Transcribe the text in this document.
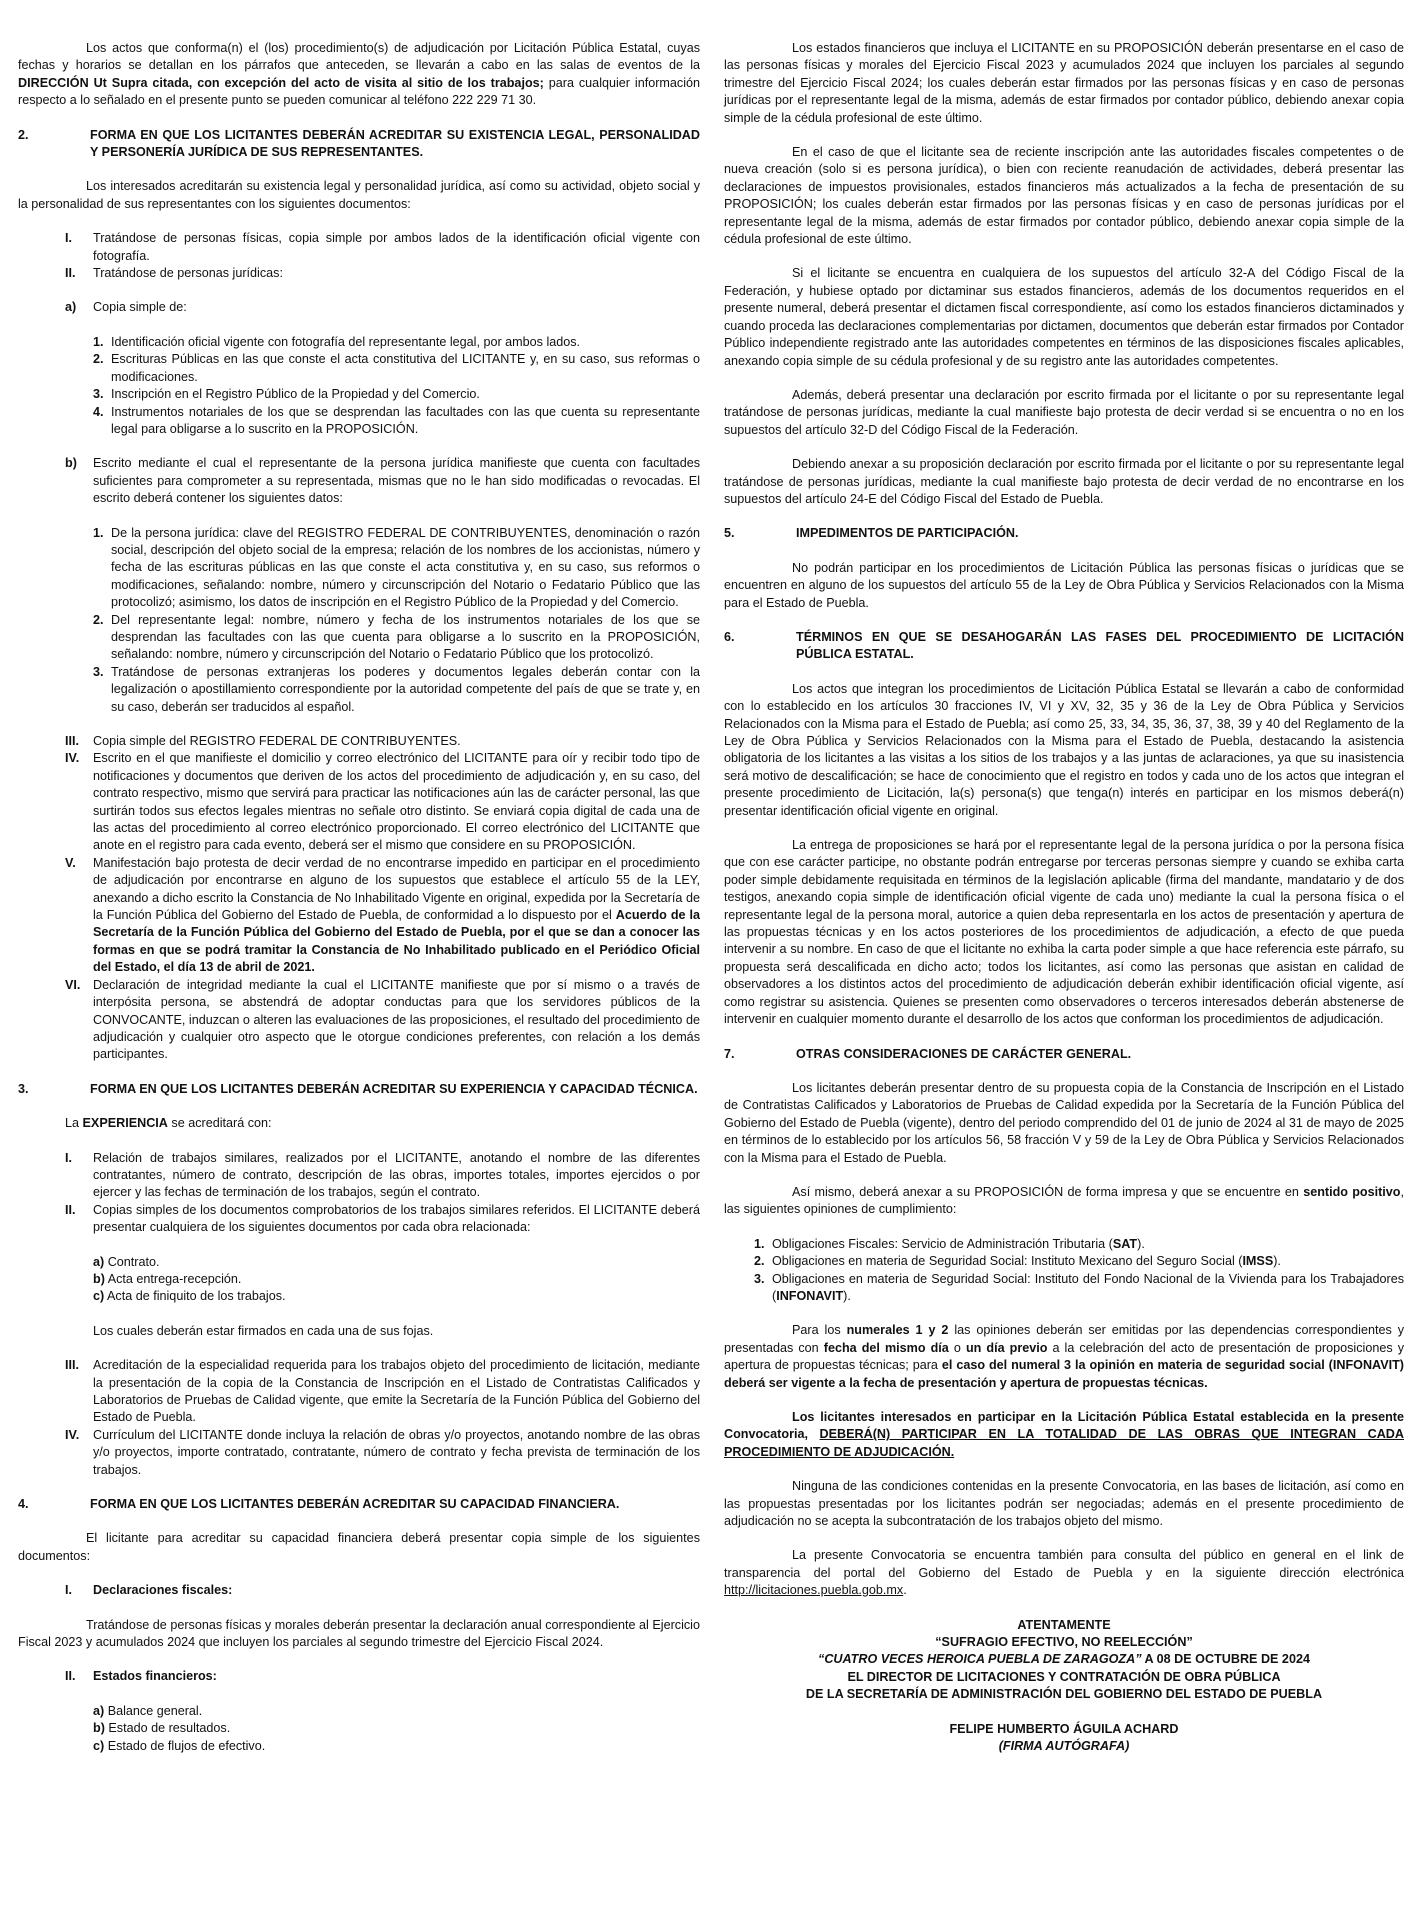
Los actos que conforma(n) el (los) procedimiento(s) de adjudicación por Licitación Pública Estatal, cuyas fechas y horarios se detallan en los párrafos que anteceden, se llevarán a cabo en las salas de eventos de la DIRECCIÓN Ut Supra citada, con excepción del acto de visita al sitio de los trabajos; para cualquier información respecto a lo señalado en el presente punto se pueden comunicar al teléfono 222 229 71 30.

2.	FORMA EN QUE LOS LICITANTES DEBERÁN ACREDITAR SU EXISTENCIA LEGAL, PERSONALIDAD Y PERSONERÍA JURÍDICA DE SUS REPRESENTANTES.

Los interesados acreditarán su existencia legal y personalidad jurídica, así como su actividad, objeto social y la personalidad de sus representantes con los siguientes documentos:

I.	Tratándose de personas físicas, copia simple por ambos lados de la identificación oficial vigente con fotografía.
II.	Tratándose de personas jurídicas:
a)	Copia simple de:
1. Identificación oficial vigente con fotografía del representante legal, por ambos lados.
2. Escrituras Públicas en las que conste el acta constitutiva del LICITANTE y, en su caso, sus reformas o modificaciones.
3. Inscripción en el Registro Público de la Propiedad y del Comercio.
4. Instrumentos notariales de los que se desprendan las facultades con las que cuenta su representante legal para obligarse a lo suscrito en la PROPOSICIÓN.
b)	Escrito mediante el cual el representante de la persona jurídica manifieste que cuenta con facultades suficientes para comprometer a su representada, mismas que no le han sido modificadas o revocadas. El escrito deberá contener los siguientes datos:
1. De la persona jurídica: clave del REGISTRO FEDERAL DE CONTRIBUYENTES, denominación o razón social, descripción del objeto social de la empresa; relación de los nombres de los accionistas, número y fecha de las escrituras públicas en las que conste el acta constitutiva y, en su caso, sus reformos o modificaciones, señalando: nombre, número y circunscripción del Notario o Fedatario Público que las protocolizó; asimismo, los datos de inscripción en el Registro Público de la Propiedad y del Comercio.
2. Del representante legal: nombre, número y fecha de los instrumentos notariales de los que se desprendan las facultades con las que cuenta para obligarse a lo suscrito en la PROPOSICIÓN, señalando: nombre, número y circunscripción del Notario o Fedatario Público que los protocolizó.
3. Tratándose de personas extranjeras los poderes y documentos legales deberán contar con la legalización o apostillamiento correspondiente por la autoridad competente del país de que se trate y, en su caso, deberán ser traducidos al español.
III.	Copia simple del REGISTRO FEDERAL DE CONTRIBUYENTES.
IV.	Escrito en el que manifieste el domicilio y correo electrónico del LICITANTE para oír y recibir todo tipo de notificaciones y documentos que deriven de los actos del procedimiento de adjudicación y, en su caso, del contrato respectivo, mismo que servirá para practicar las notificaciones aún las de carácter personal, las que surtirán todos sus efectos legales mientras no señale otro distinto. Se enviará copia digital de cada una de las actas del procedimiento al correo electrónico proporcionado. El correo electrónico del LICITANTE que anote en el registro para cada evento, deberá ser el mismo que considere en su PROPOSICIÓN.
V.	Manifestación bajo protesta de decir verdad de no encontrarse impedido en participar en el procedimiento de adjudicación por encontrarse en alguno de los supuestos que establece el artículo 55 de la LEY, anexando a dicho escrito la Constancia de No Inhabilitado Vigente en original, expedida por la Secretaría de la Función Pública del Gobierno del Estado de Puebla, de conformidad a lo dispuesto por el Acuerdo de la Secretaría de la Función Pública del Gobierno del Estado de Puebla, por el que se dan a conocer las formas en que se podrá tramitar la Constancia de No Inhabilitado publicado en el Periódico Oficial del Estado, el día 13 de abril de 2021.
VI. Declaración de integridad mediante la cual el LICITANTE manifieste que por sí mismo o a través de interpósita persona, se abstendrá de adoptar conductas para que los servidores públicos de la CONVOCANTE, induzcan o alteren las evaluaciones de las proposiciones, el resultado del procedimiento de adjudicación y cualquier otro aspecto que le otorgue condiciones preferentes, con relación a los demás participantes.
3.	FORMA EN QUE LOS LICITANTES DEBERÁN ACREDITAR SU EXPERIENCIA Y CAPACIDAD TÉCNICA.

La EXPERIENCIA se acreditará con:

I.	Relación de trabajos similares, realizados por el LICITANTE, anotando el nombre de las diferentes contratantes, número de contrato, descripción de las obras, importes totales, importes ejercidos o por ejercer y las fechas de terminación de los trabajos, según el contrato.
II.	Copias simples de los documentos comprobatorios de los trabajos similares referidos. El LICITANTE deberá presentar cualquiera de los siguientes documentos por cada obra relacionada:
a) Contrato.
b) Acta entrega-recepción.
c) Acta de finiquito de los trabajos.
Los cuales deberán estar firmados en cada una de sus fojas.
III.	Acreditación de la especialidad requerida para los trabajos objeto del procedimiento de licitación, mediante la presentación de la copia de la Constancia de Inscripción en el Listado de Contratistas Calificados y Laboratorios de Pruebas de Calidad vigente, que emite la Secretaría de la Función Pública del Gobierno del Estado de Puebla.
IV.	Currículum del LICITANTE donde incluya la relación de obras y/o proyectos, anotando nombre de las obras y/o proyectos, importe contratado, contratante, número de contrato y fecha prevista de terminación de los trabajos.
4.	FORMA EN QUE LOS LICITANTES DEBERÁN ACREDITAR SU CAPACIDAD FINANCIERA.

El licitante para acreditar su capacidad financiera deberá presentar copia simple de los siguientes documentos:

I.	Declaraciones fiscales:

Tratándose de personas físicas y morales deberán presentar la declaración anual correspondiente al Ejercicio Fiscal 2023 y acumulados 2024 que incluyen los parciales al segundo trimestre del Ejercicio Fiscal 2024.

II.	Estados financieros:
a) Balance general.
b) Estado de resultados.
c) Estado de flujos de efectivo.

Los estados financieros que incluya el LICITANTE en su PROPOSICIÓN deberán presentarse en el caso de las personas físicas y morales del Ejercicio Fiscal 2023 y acumulados 2024 que incluyen los parciales al segundo trimestre del Ejercicio Fiscal 2024; los cuales deberán estar firmados por las personas físicas y en caso de personas jurídicas por el representante legal de la misma, además de estar firmados por contador público, debiendo anexar copia simple de la cédula profesional de este último.

En el caso de que el licitante sea de reciente inscripción ante las autoridades fiscales competentes o de nueva creación (solo si es persona jurídica), o bien con reciente reanudación de actividades, deberá presentar las declaraciones de impuestos provisionales, estados financieros más actualizados a la fecha de presentación de su PROPOSICIÓN; los cuales deberán estar firmados por las personas físicas y en caso de personas jurídicas por el representante legal de la misma, además de estar firmados por contador público, debiendo anexar copia simple de la cédula profesional de este último.

Si el licitante se encuentra en cualquiera de los supuestos del artículo 32-A del Código Fiscal de la Federación, y hubiese optado por dictaminar sus estados financieros, además de los documentos requeridos en el presente numeral, deberá presentar el dictamen fiscal correspondiente, así como los estados financieros dictaminados y cuando proceda las declaraciones complementarias por dictamen, documentos que deberán estar firmados por Contador Público independiente registrado ante las autoridades competentes en términos de las disposiciones fiscales aplicables, anexando copia simple de su cédula profesional y de su registro ante las autoridades competentes.

Además, deberá presentar una declaración por escrito firmada por el licitante o por su representante legal tratándose de personas jurídicas, mediante la cual manifieste bajo protesta de decir verdad si se encuentra o no en los supuestos del artículo 32-D del Código Fiscal de la Federación.

Debiendo anexar a su proposición declaración por escrito firmada por el licitante o por su representante legal tratándose de personas jurídicas, mediante la cual manifieste bajo protesta de decir verdad de no encontrarse en los supuestos del artículo 24-E del Código Fiscal del Estado de Puebla.

5.	IMPEDIMENTOS DE PARTICIPACIÓN.

No podrán participar en los procedimientos de Licitación Pública las personas físicas o jurídicas que se encuentren en alguno de los supuestos del artículo 55 de la Ley de Obra Pública y Servicios Relacionados con la Misma para el Estado de Puebla.

6.	TÉRMINOS EN QUE SE DESAHOGARÁN LAS FASES DEL PROCEDIMIENTO DE LICITACIÓN PÚBLICA ESTATAL.

Los actos que integran los procedimientos de Licitación Pública Estatal se llevarán a cabo de conformidad con lo establecido en los artículos 30 fracciones IV, VI y XV, 32, 35 y 36 de la Ley de Obra Pública y Servicios Relacionados con la Misma para el Estado de Puebla; así como 25, 33, 34, 35, 36, 37, 38, 39 y 40 del Reglamento de la Ley de Obra Pública y Servicios Relacionados con la Misma para el Estado de Puebla, destacando la asistencia obligatoria de los licitantes a las visitas a los sitios de los trabajos y a las juntas de aclaraciones, ya que su inasistencia será motivo de descalificación; se hace de conocimiento que el registro en todos y cada uno de los actos que integran el presente procedimiento de Licitación, la(s) persona(s) que tenga(n) interés en participar en los mismos deberá(n) presentar identificación oficial vigente en original.

La entrega de proposiciones se hará por el representante legal de la persona jurídica o por la persona física que con ese carácter participe, no obstante podrán entregarse por terceras personas siempre y cuando se exhiba carta poder simple debidamente requisitada en términos de la legislación aplicable (firma del mandante, mandatario y de dos testigos, anexando copia simple de identificación oficial vigente de cada uno) mediante la cual la persona física o el representante legal de la persona moral, autorice a quien deba representarla en los actos de presentación y apertura de las propuestas técnicas y en los actos posteriores de los procedimientos de adjudicación, a efecto de que pueda intervenir a su nombre. En caso de que el licitante no exhiba la carta poder simple a que hace referencia este párrafo, su propuesta será descalificada en dicho acto; todos los licitantes, así como las personas que asistan en calidad de observadores a los distintos actos del procedimiento de adjudicación deberán exhibir identificación oficial vigente, así como registrar su asistencia. Quienes se presenten como observadores o terceros interesados deberán abstenerse de intervenir en cualquier momento durante el desarrollo de los actos que conforman los procedimientos de adjudicación.

7.	OTRAS CONSIDERACIONES DE CARÁCTER GENERAL.

Los licitantes deberán presentar dentro de su propuesta copia de la Constancia de Inscripción en el Listado de Contratistas Calificados y Laboratorios de Pruebas de Calidad expedida por la Secretaría de la Función Pública del Gobierno del Estado de Puebla (vigente), dentro del periodo comprendido del 01 de junio de 2024 al 31 de mayo de 2025 en términos de lo establecido por los artículos 56, 58 fracción V y 59 de la Ley de Obra Pública y Servicios Relacionados con la Misma para el Estado de Puebla.

Así mismo, deberá anexar a su PROPOSICIÓN de forma impresa y que se encuentre en sentido positivo, las siguientes opiniones de cumplimiento:

1. Obligaciones Fiscales: Servicio de Administración Tributaria (SAT).
2. Obligaciones en materia de Seguridad Social: Instituto Mexicano del Seguro Social (IMSS).
3. Obligaciones en materia de Seguridad Social: Instituto del Fondo Nacional de la Vivienda para los Trabajadores (INFONAVIT).

Para los numerales 1 y 2 las opiniones deberán ser emitidas por las dependencias correspondientes y presentadas con fecha del mismo día o un día previo a la celebración del acto de presentación de proposiciones y apertura de propuestas técnicas; para el caso del numeral 3 la opinión en materia de seguridad social (INFONAVIT) deberá ser vigente a la fecha de presentación y apertura de propuestas técnicas.

Los licitantes interesados en participar en la Licitación Pública Estatal establecida en la presente Convocatoria, DEBERÁ(N) PARTICIPAR EN LA TOTALIDAD DE LAS OBRAS QUE INTEGRAN CADA PROCEDIMIENTO DE ADJUDICACIÓN.

Ninguna de las condiciones contenidas en la presente Convocatoria, en las bases de licitación, así como en las propuestas presentadas por los licitantes podrán ser negociadas; además en el presente procedimiento de adjudicación no se acepta la subcontratación de los trabajos objeto del mismo.

La presente Convocatoria se encuentra también para consulta del público en general en el link de transparencia del portal del Gobierno del Estado de Puebla y en la siguiente dirección electrónica http://licitaciones.puebla.gob.mx.

ATENTAMENTE
“SUFRAGIO EFECTIVO, NO REELECCIÓN”
“CUATRO VECES HEROICA PUEBLA DE ZARAGOZA” A 08 DE OCTUBRE DE 2024
EL DIRECTOR DE LICITACIONES Y CONTRATACIÓN DE OBRA PÚBLICA
DE LA SECRETARÍA DE ADMINISTRACIÓN DEL GOBIERNO DEL ESTADO DE PUEBLA
FELIPE HUMBERTO ÁGUILA ACHARD
(FIRMA AUTÓGRAFA)
